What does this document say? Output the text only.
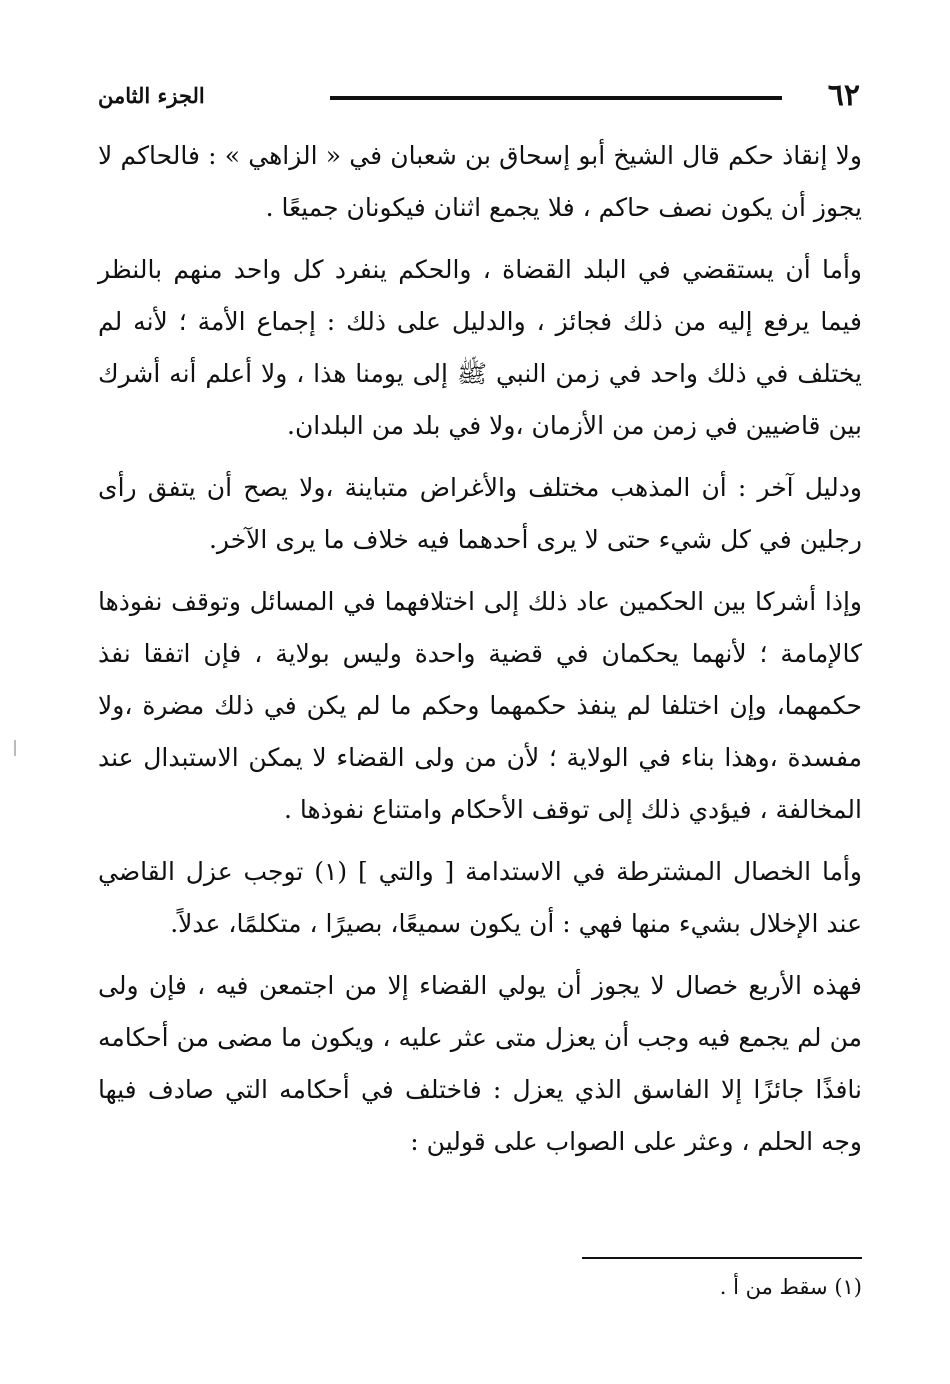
٦٢
الجزء الثامن

ولا إنقاذ حكم قال الشيخ أبو إسحاق بن شعبان في « الزاهي » : فالحاكم لا يجوز أن يكون نصف حاكم ، فلا يجمع اثنان فيكونان جميعًا .

وأما أن يستقضي في البلد القضاة ، والحكم ينفرد كل واحد منهم بالنظر فيما يرفع إليه من ذلك فجائز ، والدليل على ذلك : إجماع الأمة ؛ لأنه لم يختلف في ذلك واحد في زمن النبي ﷺ إلى يومنا هذا ، ولا أعلم أنه أشرك بين قاضيين في زمن من الأزمان ،ولا في بلد من البلدان.

ودليل آخر : أن المذهب مختلف والأغراض متباينة ،ولا يصح أن يتفق رأى رجلين في كل شيء حتى لا يرى أحدهما فيه خلاف ما يرى الآخر.

وإذا أشركا بين الحكمين عاد ذلك إلى اختلافهما في المسائل وتوقف نفوذها كالإمامة ؛ لأنهما يحكمان في قضية واحدة وليس بولاية ، فإن اتفقا نفذ حكمهما، وإن اختلفا لم ينفذ حكمهما وحكم ما لم يكن في ذلك مضرة ،ولا مفسدة ،وهذا بناء في الولاية ؛ لأن من ولى القضاء لا يمكن الاستبدال عند المخالفة ، فيؤدي ذلك إلى توقف الأحكام وامتناع نفوذها .

وأما الخصال المشترطة في الاستدامة [ والتي ] (١) توجب عزل القاضي عند الإخلال بشيء منها فهي : أن يكون سميعًا، بصيرًا ، متكلمًا، عدلاً.

فهذه الأربع خصال لا يجوز أن يولي القضاء إلا من اجتمعن فيه ، فإن ولى من لم يجمع فيه وجب أن يعزل متى عثر عليه ، ويكون ما مضى من أحكامه نافذًا جائزًا إلا الفاسق الذي يعزل : فاختلف في أحكامه التي صادف فيها وجه الحلم ، وعثر على الصواب على قولين :

(١) سقط من أ .
